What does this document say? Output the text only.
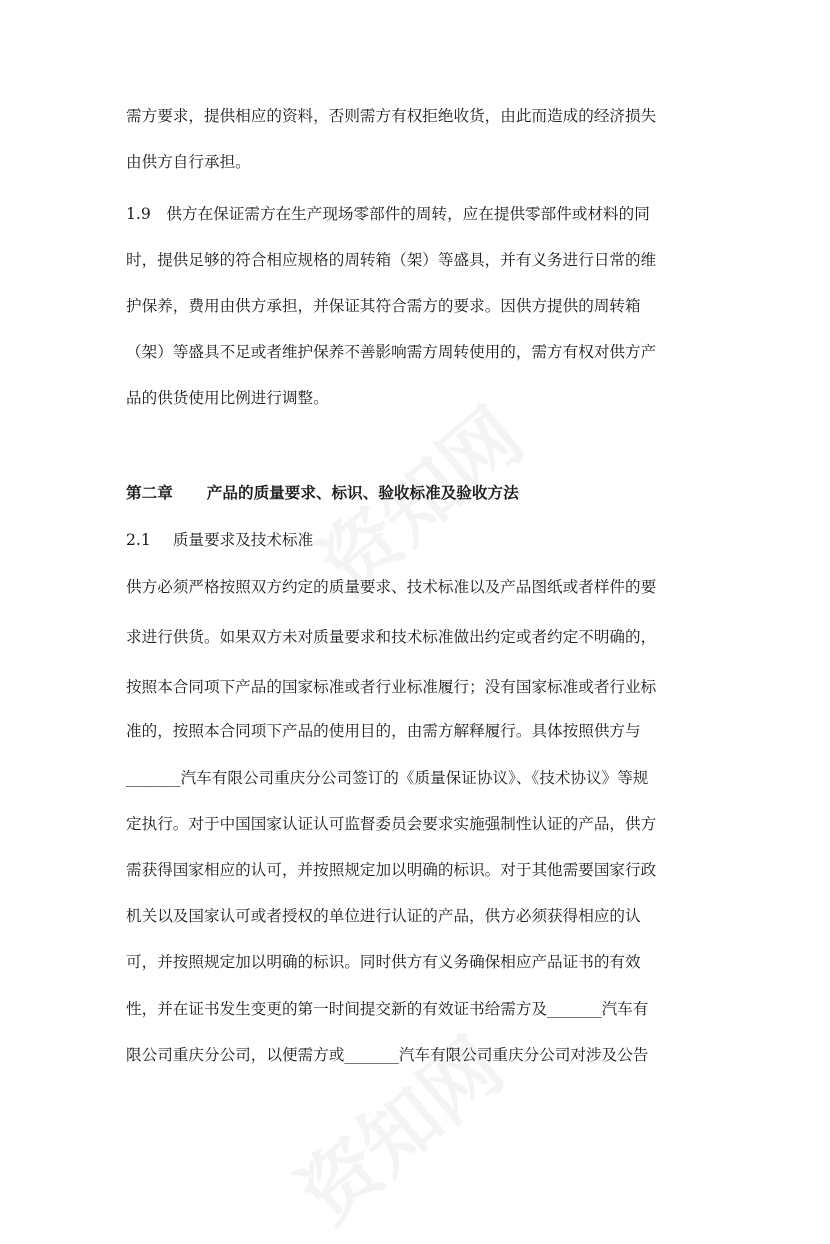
需方要求，提供相应的资料，否则需方有权拒绝收货，由此而造成的经济损失
由供方自行承担。
1.9　供方在保证需方在生产现场零部件的周转，应在提供零部件或材料的同
时，提供足够的符合相应规格的周转箱（架）等盛具，并有义务进行日常的维
护保养，费用由供方承担，并保证其符合需方的要求。因供方提供的周转箱
（架）等盛具不足或者维护保养不善影响需方周转使用的，需方有权对供方产
品的供货使用比例进行调整。
第二章 产品的质量要求、标识、验收标准及验收方法
2.1 质量要求及技术标准
供方必须严格按照双方约定的质量要求、技术标准以及产品图纸或者样件的要
求进行供货。如果双方未对质量要求和技术标准做出约定或者约定不明确的，
按照本合同项下产品的国家标准或者行业标准履行；没有国家标准或者行业标
准的，按照本合同项下产品的使用目的，由需方解释履行。具体按照供方与
_______汽车有限公司重庆分公司签订的《质量保证协议》、《技术协议》等规
定执行。对于中国国家认证认可监督委员会要求实施强制性认证的产品，供方
需获得国家相应的认可，并按照规定加以明确的标识。对于其他需要国家行政
机关以及国家认可或者授权的单位进行认证的产品，供方必须获得相应的认
可，并按照规定加以明确的标识。同时供方有义务确保相应产品证书的有效
性，并在证书发生变更的第一时间提交新的有效证书给需方及_______汽车有
限公司重庆分公司，以便需方或_______汽车有限公司重庆分公司对涉及公告
